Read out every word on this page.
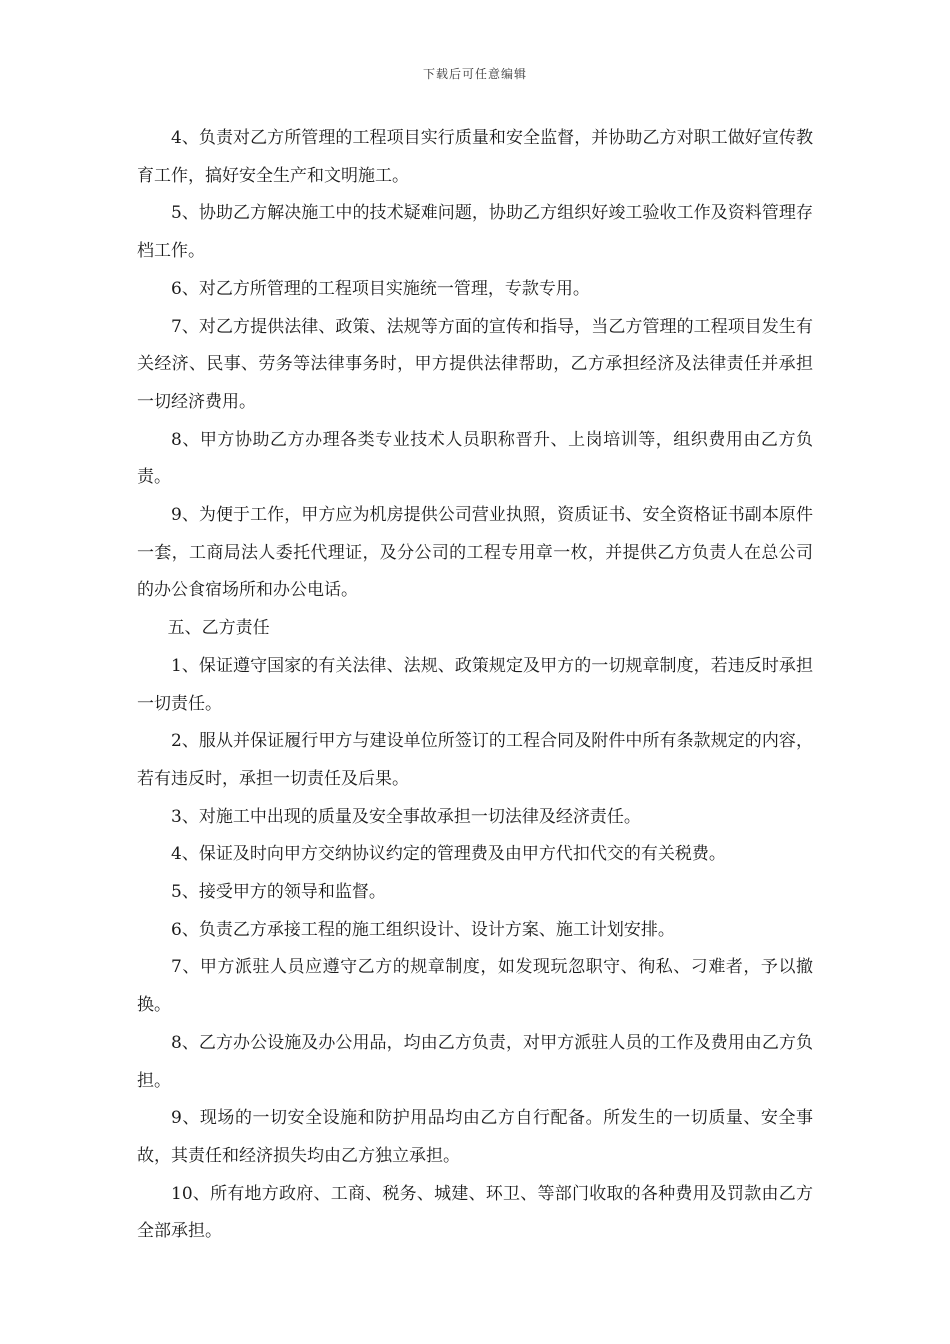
下载后可任意编辑

4、负责对乙方所管理的工程项目实行质量和安全监督，并协助乙方对职工做好宣传教育工作，搞好安全生产和文明施工。

5、协助乙方解决施工中的技术疑难问题，协助乙方组织好竣工验收工作及资料管理存档工作。

6、对乙方所管理的工程项目实施统一管理，专款专用。

7、对乙方提供法律、政策、法规等方面的宣传和指导，当乙方管理的工程项目发生有关经济、民事、劳务等法律事务时，甲方提供法律帮助，乙方承担经济及法律责任并承担一切经济费用。

8、甲方协助乙方办理各类专业技术人员职称晋升、上岗培训等，组织费用由乙方负责。

9、为便于工作，甲方应为机房提供公司营业执照，资质证书、安全资格证书副本原件一套，工商局法人委托代理证，及分公司的工程专用章一枚，并提供乙方负责人在总公司的办公食宿场所和办公电话。

五、乙方责任

1、保证遵守国家的有关法律、法规、政策规定及甲方的一切规章制度，若违反时承担一切责任。

2、服从并保证履行甲方与建设单位所签订的工程合同及附件中所有条款规定的内容，若有违反时，承担一切责任及后果。

3、对施工中出现的质量及安全事故承担一切法律及经济责任。

4、保证及时向甲方交纳协议约定的管理费及由甲方代扣代交的有关税费。

5、接受甲方的领导和监督。

6、负责乙方承接工程的施工组织设计、设计方案、施工计划安排。

7、甲方派驻人员应遵守乙方的规章制度，如发现玩忽职守、徇私、刁难者，予以撤换。

8、乙方办公设施及办公用品，均由乙方负责，对甲方派驻人员的工作及费用由乙方负担。

9、现场的一切安全设施和防护用品均由乙方自行配备。所发生的一切质量、安全事故，其责任和经济损失均由乙方独立承担。

10、所有地方政府、工商、税务、城建、环卫、等部门收取的各种费用及罚款由乙方全部承担。
